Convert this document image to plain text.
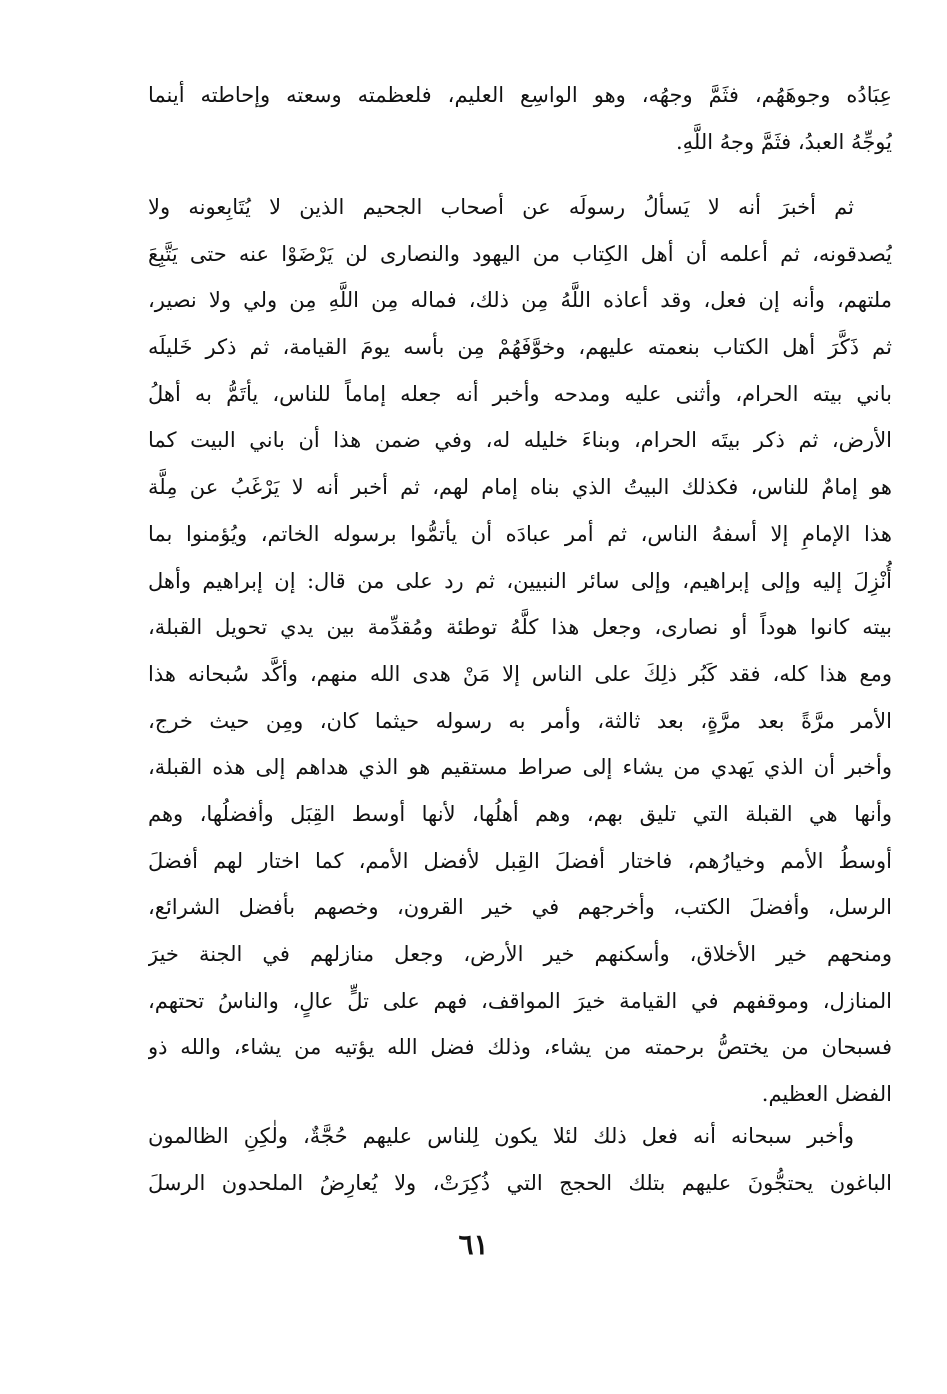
عِبَادُه وجوهَهُم، فثَمَّ وجهُه، وهو الواسِع العليم، فلعظمته وسعته وإحاطته أينما
يُوجِّهُ العبدُ، فثَمَّ وجهُ اللَّهِ.
ثم أخبرَ أنه لا يَسألُ رسولَه عن أصحاب الجحيم الذين لا يُتَابِعونه ولا
يُصدقونه، ثم أعلمه أن أهل الكِتاب من اليهود والنصارى لن يَرْضَوْا عنه حتى يَتَّبِعَ
ملتهم، وأنه إن فعل، وقد أعاذه اللَّهُ مِن ذلك، فماله مِن اللَّهِ مِن ولي ولا نصير،
ثم ذَكَّرَ أهل الكتاب بنعمته عليهم، وخوَّفَهُمْ مِن بأسه يومَ القيامة، ثم ذكر خَليلَه
باني بيته الحرام، وأثنى عليه ومدحه وأخبر أنه جعله إماماً للناس، يأتَمُّ به أهلُ
الأرض، ثم ذكر بيتَه الحرام، وبناءَ خليله له، وفي ضمن هذا أن باني البيت كما
هو إمامٌ للناس، فكذلك البيتُ الذي بناه إمام لهم، ثم أخبر أنه لا يَرْغَبُ عن مِلَّة
هذا الإمامِ إلا أسفهُ الناس، ثم أمر عبادَه أن يأتمُّوا برسوله الخاتم، ويُؤمنوا بما
أُنْزِلَ إليه وإلى إبراهيم، وإلى سائر النبيين، ثم رد على من قال: إن إبراهيم وأهل
بيته كانوا هوداً أو نصارى، وجعل هذا كلَّهُ توطئة ومُقدِّمة بين يدي تحويل القبلة،
ومع هذا كله، فقد كَبُر ذلِكَ على الناس إلا مَنْ هدى الله منهم، وأكَّد سُبحانه هذا
الأمر مرَّةً بعد مرَّةٍ، بعد ثالثة، وأمر به رسوله حيثما كان، ومِن حيث خرج،
وأخبر أن الذي يَهدي من يشاء إلى صراط مستقيم هو الذي هداهم إلى هذه القبلة،
وأنها هي القبلة التي تليق بهم، وهم أهلُها، لأنها أوسط القِبَل وأفضلُها، وهم
أوسطُ الأمم وخيارُهم، فاختار أفضلَ القِبل لأفضل الأمم، كما اختار لهم أفضلَ
الرسل، وأفضلَ الكتب، وأخرجهم في خير القرون، وخصهم بأفضل الشرائع،
ومنحهم خير الأخلاق، وأسكنهم خير الأرض، وجعل منازلهم في الجنة خيرَ
المنازل، وموقفهم في القيامة خيرَ المواقف، فهم على تلٍّ عالٍ، والناسُ تحتهم،
فسبحان من يختصُّ برحمته من يشاء، وذلك فضل الله يؤتيه من يشاء، والله ذو
الفضل العظيم.
وأخبر سبحانه أنه فعل ذلك لئلا يكون لِلناس عليهم حُجَّةٌ، ولٰكِنِ الظالمون
الباغون يحتجُّونَ عليهم بتلك الحجج التي ذُكِرَتْ، ولا يُعارِضُ الملحدون الرسلَ
٦١
